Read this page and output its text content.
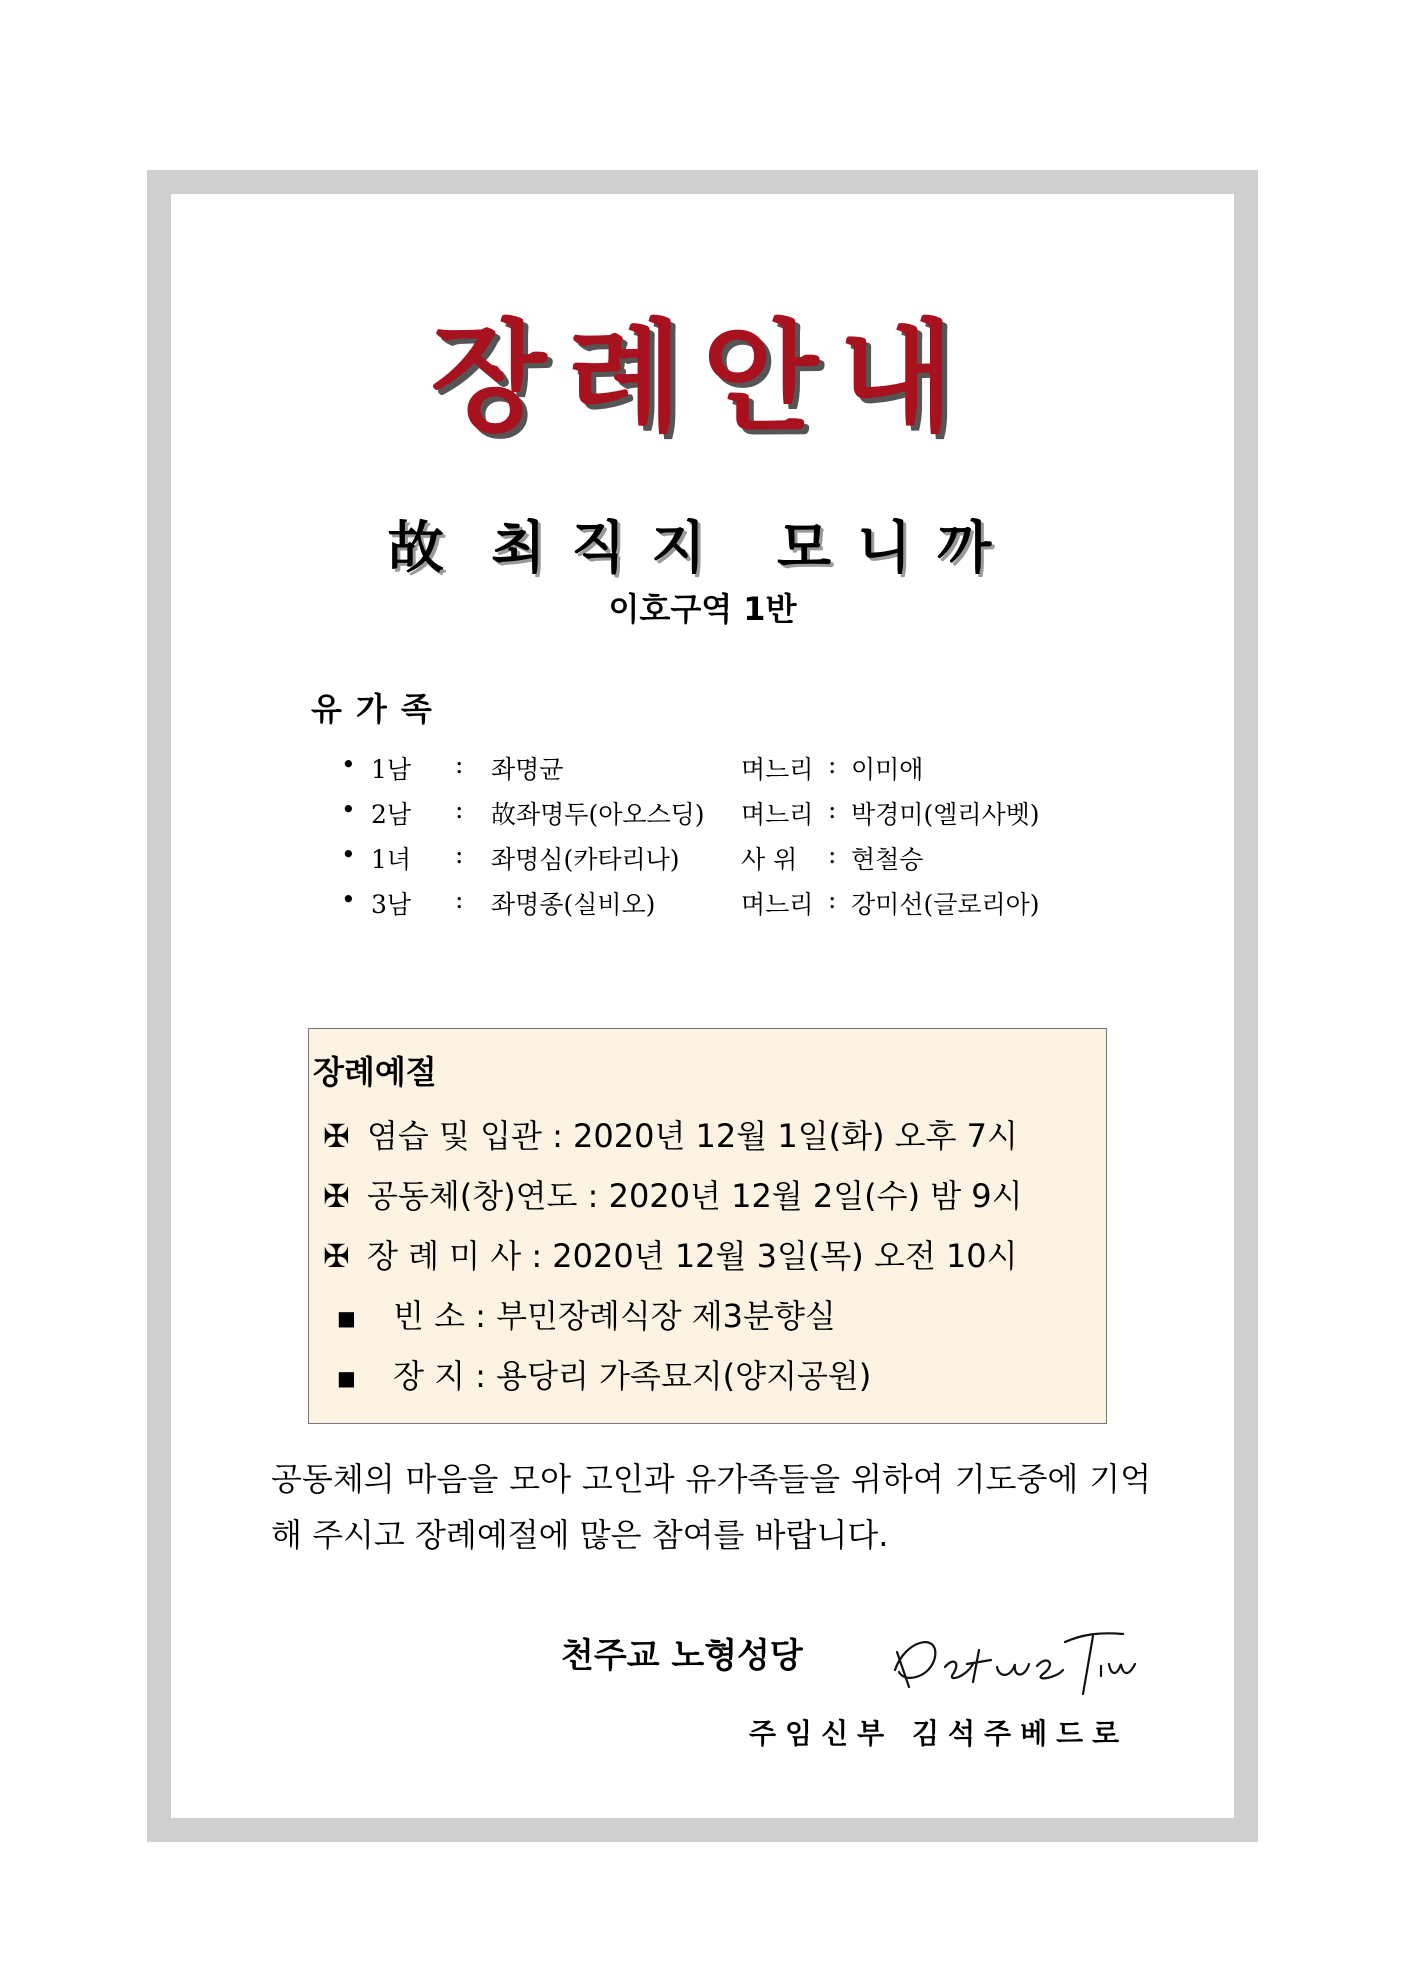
장례안내
故 최직지 모니까
이호구역 1반
유가족
• 1남 : 좌명균	며느리 : 이미애
• 2남 : 故좌명두(아오스딩) 며느리 : 박경미(엘리사벳)
• 1녀 : 좌명심(카타리나) 사 위 : 현철승
• 3남 : 좌명종(실비오)	며느리 : 강미선(글로리아)
장례예절
✠ 염습 및 입관 : 2020년 12월 1일(화) 오후 7시
✠ 공동체(창)연도 : 2020년 12월 2일(수) 밤 9시
✠ 장 례 미 사 : 2020년 12월 3일(목) 오전 10시
■ 빈 소 : 부민장례식장 제3분향실
■ 장 지 : 용당리 가족묘지(양지공원)
공동체의 마음을 모아 고인과 유가족들을 위하여 기도중에 기억해 주시고 장례예절에 많은 참여를 바랍니다.
천주교 노형성당
주임신부 김석주베드로
